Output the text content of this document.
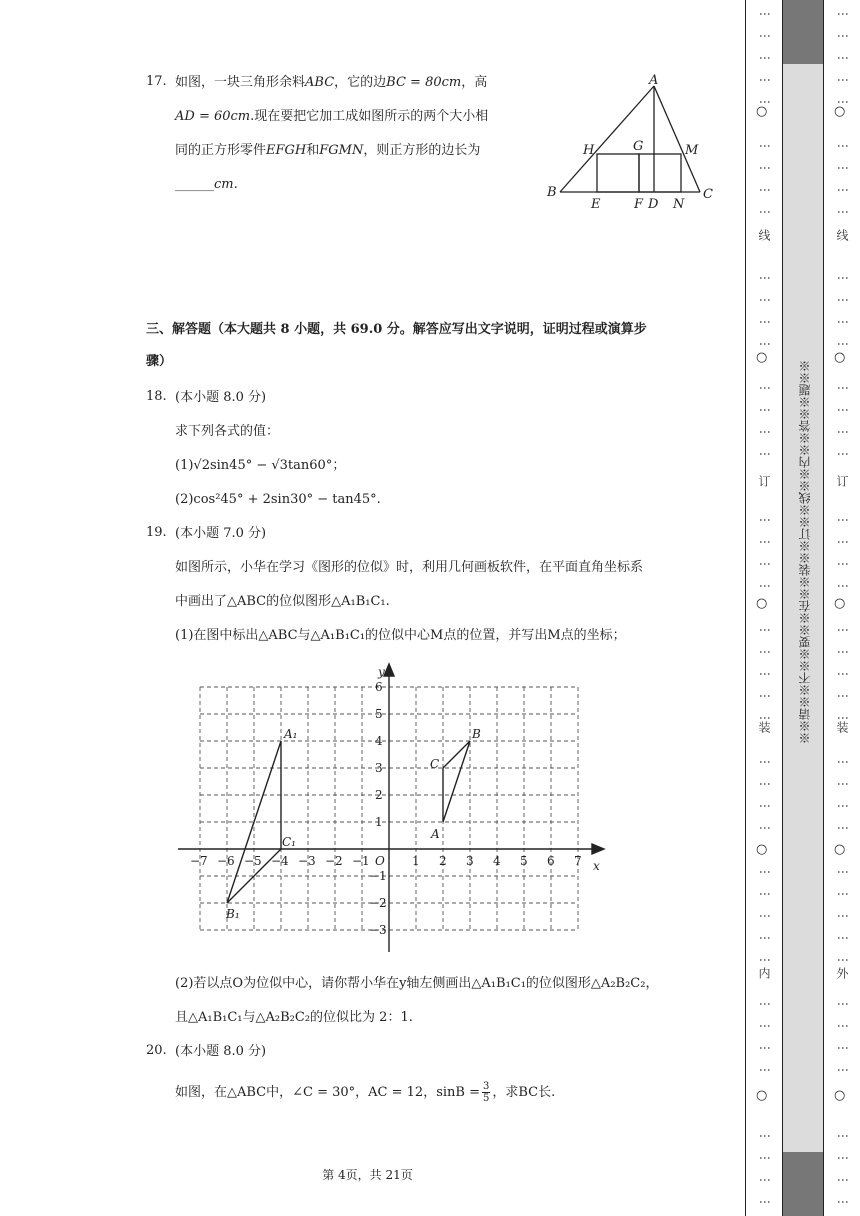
17. 如图，一块三角形余料ABC，它的边BC = 80cm，高
AD = 60cm.现在要把它加工成如图所示的两个大小相
同的正方形零件EFGH和FGMN，则正方形的边长为
______cm.
A
B	C
D
E	F
G
H	M
N
三、解答题（本大题共 8 小题，共 69.0 分。解答应写出文字说明，证明过程或演算步
骤）
18. (本小题 8.0 分)
求下列各式的值：
(1)√2sin45° − √3tan60°；
(2)cos²45° + 2sin30° − tan45°.
19. (本小题 7.0 分)
如图所示，小华在学习《图形的位似》时，利用几何画板软件，在平面直角坐标系
中画出了△ABC的位似图形△A₁B₁C₁.
(1)在图中标出△ABC与△A₁B₁C₁的位似中心M点的位置，并写出M点的坐标；
−7 −6 −5 −4 −3 −2 −1	1 2 3 4 5 6 7
6
5
4
3
2
1
−1
−2
−3
A₁
B₁
C₁
A
B
C
y
x
O
(2)若以点O为位似中心，请你帮小华在y轴左侧画出△A₁B₁C₁的位似图形△A₂B₂C₂，
且△A₁B₁C₁与△A₂B₂C₂的位似比为 2：1.
20. (本小题 8.0 分)
如图，在△ABC中，∠C = 30°，AC = 12，$\sin B = \frac{3}{5}$ ，求BC长.
第 4页，共 21页
⋮
⋮
⋮
⋮
⋮
⋮
⋮
⋮
⋮
⋮
⋮
⋮
⋮
⋮
⋮
⋮
⋮
⋮
⋮
⋮
⋮
⋮
⋮
⋮
⋮
⋮
⋮
⋮
⋮
⋮
⋮
⋮
⋮
⋮
⋮
⋮
⋮
⋮
⋮
⋮
⋮
⋮
⋮
○
○
○
○
○
线
订
装
内
※※请※※不※※要※※在※※装※※订※※线※※内※※答※※题※※
⋮
⋮
⋮
⋮
⋮
⋮
⋮
⋮
⋮
⋮
⋮
⋮
⋮
⋮
⋮
⋮
⋮
⋮
⋮
⋮
⋮
⋮
⋮
⋮
⋮
⋮
⋮
⋮
⋮
⋮
⋮
⋮
⋮
⋮
⋮
⋮
⋮
⋮
⋮
⋮
⋮
⋮
⋮
○
○
○
○
○
线
订
装
外
